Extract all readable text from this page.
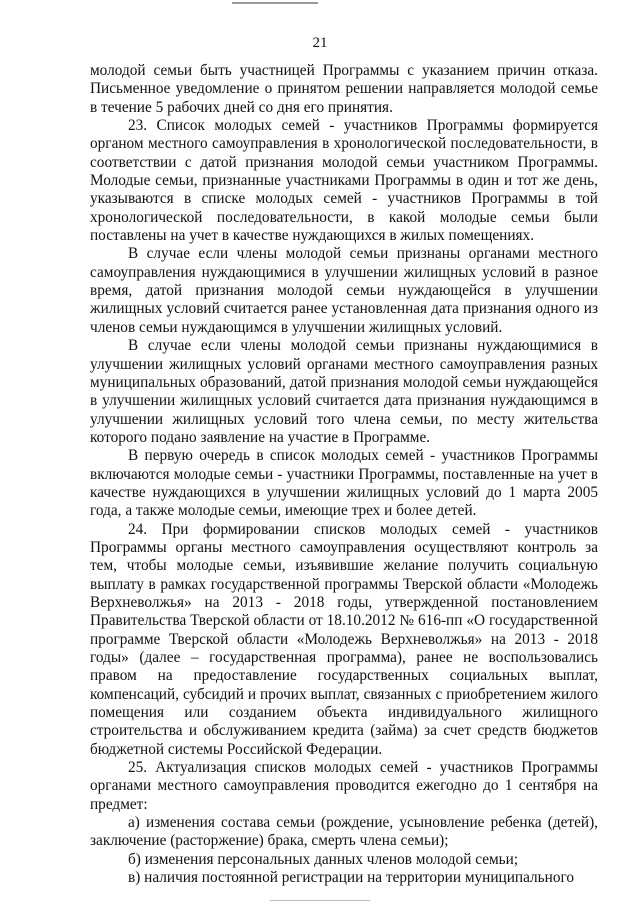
21

молодой семьи быть участницей Программы с указанием причин отказа. Письменное уведомление о принятом решении направляется молодой семье в течение 5 рабочих дней со дня его принятия.

23. Список молодых семей - участников Программы формируется органом местного самоуправления в хронологической последовательности, в соответствии с датой признания молодой семьи участником Программы. Молодые семьи, признанные участниками Программы в один и тот же день, указываются в списке молодых семей - участников Программы в той хронологической последовательности, в какой молодые семьи были поставлены на учет в качестве нуждающихся в жилых помещениях.

В случае если члены молодой семьи признаны органами местного самоуправления нуждающимися в улучшении жилищных условий в разное время, датой признания молодой семьи нуждающейся в улучшении жилищных условий считается ранее установленная дата признания одного из членов семьи нуждающимся в улучшении жилищных условий.

В случае если члены молодой семьи признаны нуждающимися в улучшении жилищных условий органами местного самоуправления разных муниципальных образований, датой признания молодой семьи нуждающейся в улучшении жилищных условий считается дата признания нуждающимся в улучшении жилищных условий того члена семьи, по месту жительства которого подано заявление на участие в Программе.

В первую очередь в список молодых семей - участников Программы включаются молодые семьи - участники Программы, поставленные на учет в качестве нуждающихся в улучшении жилищных условий до 1 марта 2005 года, а также молодые семьи, имеющие трех и более детей.

24. При формировании списков молодых семей - участников Программы органы местного самоуправления осуществляют контроль за тем, чтобы молодые семьи, изъявившие желание получить социальную выплату в рамках государственной программы Тверской области «Молодежь Верхневолжья» на 2013 - 2018 годы, утвержденной постановлением Правительства Тверской области от 18.10.2012 № 616-пп «О государственной программе Тверской области «Молодежь Верхневолжья» на 2013 - 2018 годы» (далее – государственная программа), ранее не воспользовались правом на предоставление государственных социальных выплат, компенсаций, субсидий и прочих выплат, связанных с приобретением жилого помещения или созданием объекта индивидуального жилищного строительства и обслуживанием кредита (займа) за счет средств бюджетов бюджетной системы Российской Федерации.

25. Актуализация списков молодых семей - участников Программы органами местного самоуправления проводится ежегодно до 1 сентября на предмет:

а) изменения состава семьи (рождение, усыновление ребенка (детей), заключение (расторжение) брака, смерть члена семьи);

б) изменения персональных данных членов молодой семьи;

в) наличия постоянной регистрации на территории муниципального
